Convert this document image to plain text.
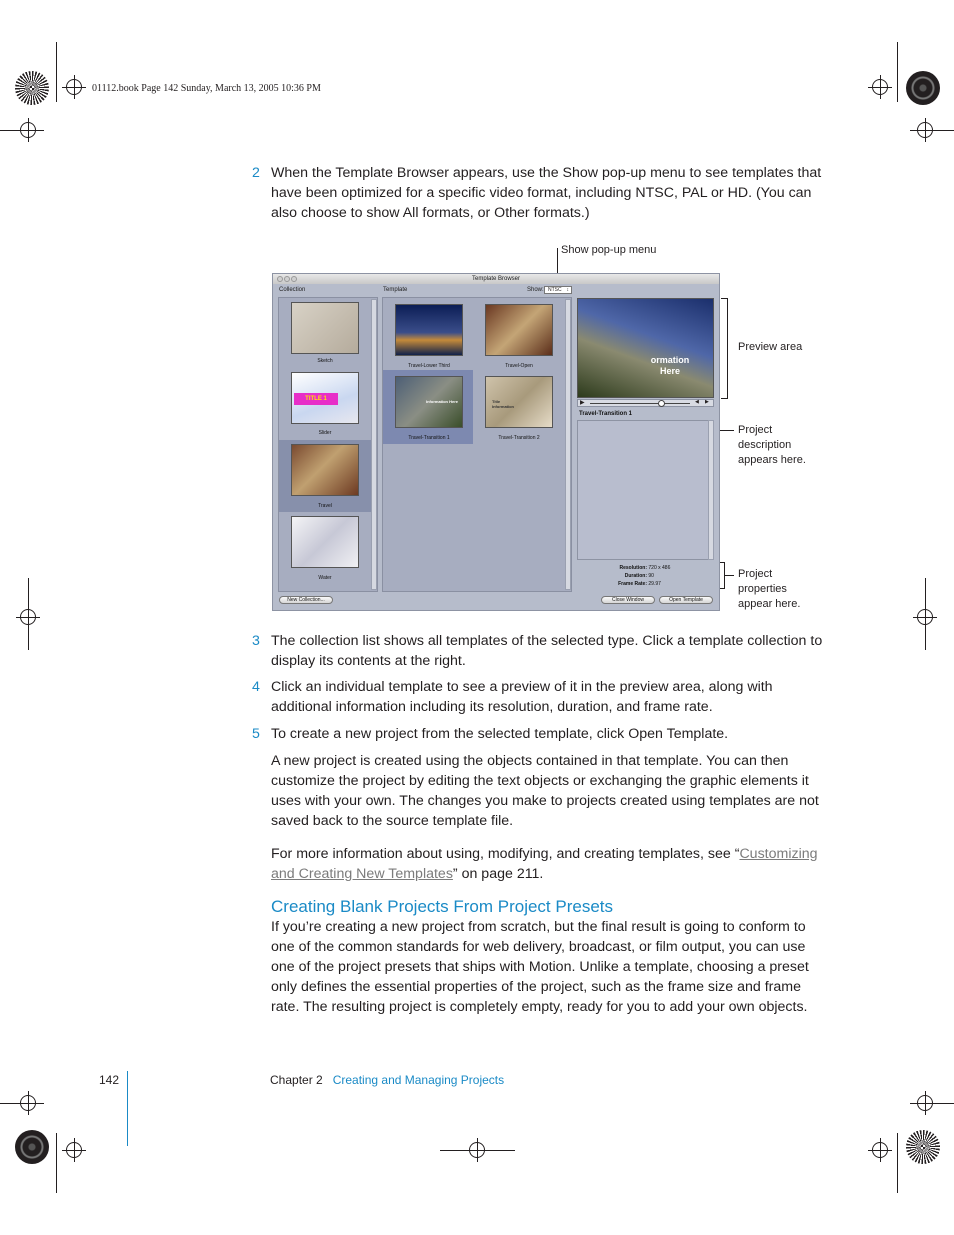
01112.book Page 142 Sunday, March 13, 2005 10:36 PM
2 When the Template Browser appears, use the Show pop-up menu to see templates that have been optimized for a specific video format, including NTSC, PAL or HD. (You can also choose to show All formats, or Other formats.)
Show pop-up menu
Preview area
Project
description
appears here.
Project
properties
appear here.
Template Browser
Collection	Template	Show: NTSC ↕
Sketch
TITLE 1
Slider
Travel
Water
Travel-Lower Third	Travel-Open
Information Here
Travel-Transition 1
Title Information
Travel-Transition 2
ormation Here
▶	◀ ▶
Travel-Transition 1
Resolution: 720 x 486
Duration: 90
Frame Rate: 29.97
New Collection...	Close Window	Open Template
3 The collection list shows all templates of the selected type. Click a template collection to display its contents at the right.
4 Click an individual template to see a preview of it in the preview area, along with additional information including its resolution, duration, and frame rate.
5 To create a new project from the selected template, click Open Template.
A new project is created using the objects contained in that template. You can then customize the project by editing the text objects or exchanging the graphic elements it uses with your own. The changes you make to projects created using templates are not saved back to the source template file.
For more information about using, modifying, and creating templates, see “Customizing and Creating New Templates” on page 211.
Creating Blank Projects From Project Presets
If you’re creating a new project from scratch, but the final result is going to conform to one of the common standards for web delivery, broadcast, or film output, you can use one of the project presets that ships with Motion. Unlike a template, choosing a preset only defines the essential properties of the project, such as the frame size and frame rate. The resulting project is completely empty, ready for you to add your own objects.
142	Chapter 2 Creating and Managing Projects
